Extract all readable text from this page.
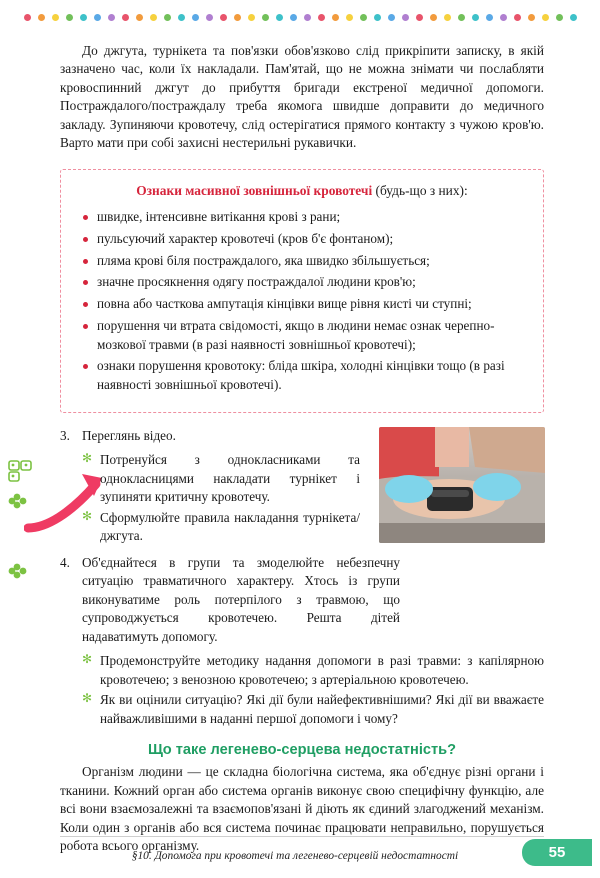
До джгута, турнікета та пов'язки обов'язково слід прикріпити записку, в якій зазначено час, коли їх накладали. Пам'ятай, що не можна знімати чи послабляти кровоспинний джгут до прибуття бригади екстреної медичної допомоги. Постраждалого/постраждалу треба якомога швидше доправити до медичного закладу. Зупиняючи кровотечу, слід остерігатися прямого контакту з чужою кров'ю. Варто мати при собі захисні нестерильні рукавички.

Ознаки масивної зовнішньої кровотечі (будь-що з них):
швидке, інтенсивне витікання крові з рани;
пульсуючий характер кровотечі (кров б'є фонтаном);
пляма крові біля постраждалого, яка швидко збільшується;
значне просякнення одягу постраждалої людини кров'ю;
повна або часткова ампутація кінцівки вище рівня кисті чи ступні;
порушення чи втрата свідомості, якщо в людини немає ознак черепно-мозкової травми (в разі наявності зовнішньої кровотечі);
ознаки порушення кровотоку: бліда шкіра, холодні кінцівки тощо (в разі наявності зовнішньої кровотечі).
3. Переглянь відео.
✻ Потренуйся з однокласниками та однокласницями накладати турнікет і зупиняти критичну кровотечу.
✻ Сформулюйте правила накладання турнікета/джгута.
4. Об'єднайтеся в групи та змоделюйте небезпечну ситуацію травматичного характеру. Хтось із групи виконуватиме роль потерпілого з травмою, що супроводжується кровотечею. Решта дітей надаватимуть допомогу.
✻ Продемонструйте методику надання допомоги в разі травми: з капілярною кровотечею; з венозною кровотечею; з артеріальною кровотечею.
✻ Як ви оцінили ситуацію? Які дії були найефективнішими? Які дії ви вважаєте найважливішими в наданні першої допомоги і чому?
Що таке легенево-серцева недостатність?

Організм людини — це складна біологічна система, яка об'єднує різні органи і тканини. Кожний орган або система органів виконує свою специфічну функцію, але всі вони взаємозалежні та взаємопов'язані й діють як єдиний злагоджений механізм. Коли один з органів або вся система починає працювати неправильно, порушується робота всього організму.

§10. Допомога при кровотечі та легенево-серцевій недостатності	55
